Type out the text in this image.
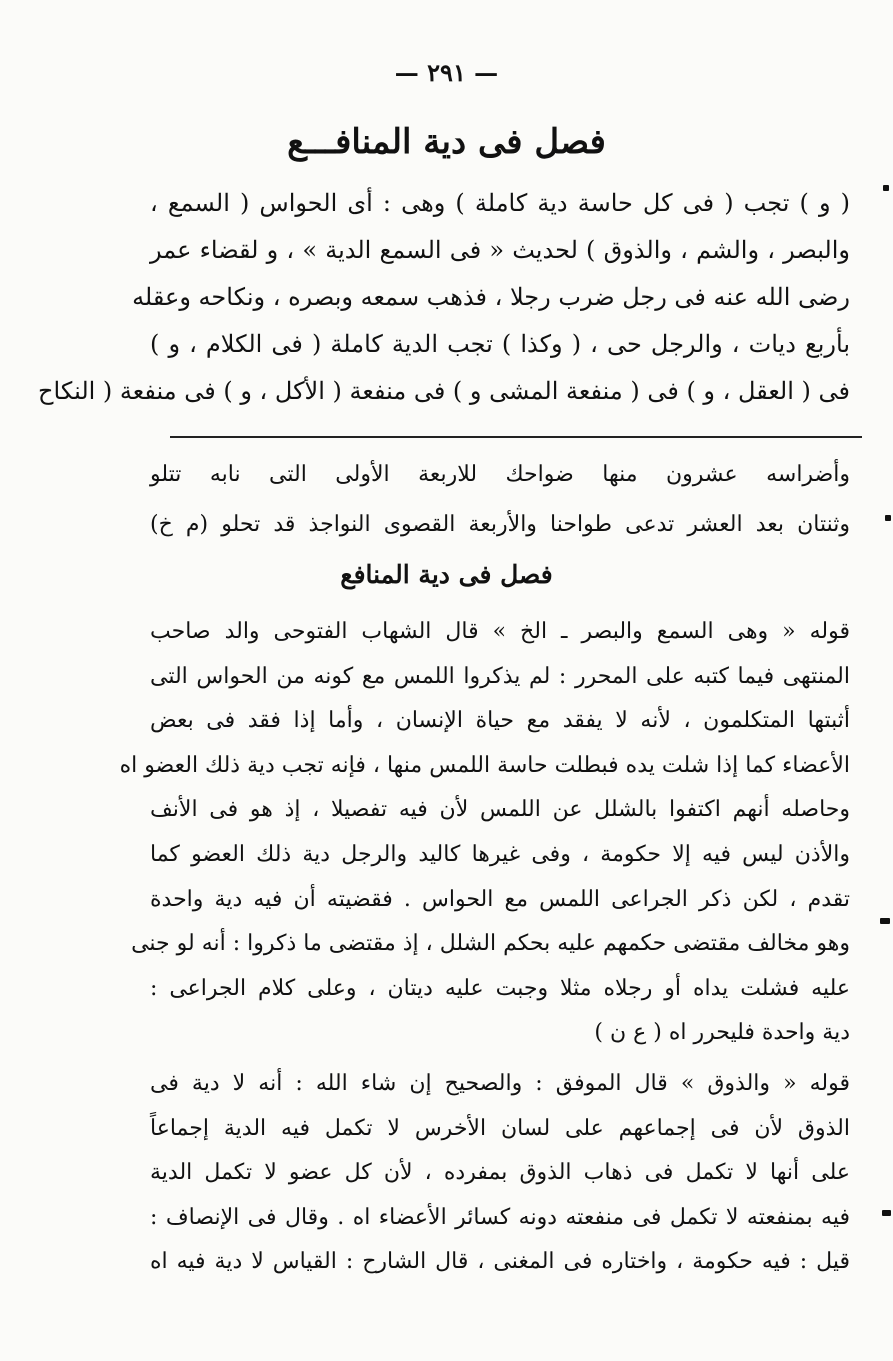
— ٢٩١ —
فصل فى دية المنافـــع
( و ) تجب ( فى كل حاسة دية كاملة ) وهى : أى الحواس ( السمع ،
والبصر ، والشم ، والذوق ) لحديث « فى السمع الدية » ، و لقضاء عمر
رضى الله عنه فى رجل ضرب رجلا ، فذهب سمعه وبصره ، ونكاحه وعقله
بأربع ديات ، والرجل حى ، ( وكذا ) تجب الدية كاملة ( فى الكلام ، و )
فى ( العقل ، و ) فى ( منفعة المشى و ) فى منفعة ( الأكل ، و ) فى منفعة ( النكاح
وأضراسه عشرون منها ضواحك للاربعة الأولى التى نابه تتلو
وثنتان بعد العشر تدعى طواحنا والأربعة القصوى النواجذ قد تحلو (م خ)
فصل فى دية المنافع
قوله « وهى السمع والبصر ـ الخ » قال الشهاب الفتوحى والد صاحب
المنتهى فيما كتبه على المحرر : لم يذكروا اللمس مع كونه من الحواس التى
أثبتها المتكلمون ، لأنه لا يفقد مع حياة الإنسان ، وأما إذا فقد فى بعض
الأعضاء كما إذا شلت يده فبطلت حاسة اللمس منها ، فإنه تجب دية ذلك العضو اه
وحاصله أنهم اكتفوا بالشلل عن اللمس لأن فيه تفصيلا ، إذ هو فى الأنف
والأذن ليس فيه إلا حكومة ، وفى غيرها كاليد والرجل دية ذلك العضو كما
تقدم ، لكن ذكر الجراعى اللمس مع الحواس . فقضيته أن فيه دية واحدة
وهو مخالف مقتضى حكمهم عليه بحكم الشلل ، إذ مقتضى ما ذكروا : أنه لو جنى
عليه فشلت يداه أو رجلاه مثلا وجبت عليه ديتان ، وعلى كلام الجراعى :
دية واحدة فليحرر اه ( ع ن )
قوله « والذوق » قال الموفق : والصحيح إن شاء الله : أنه لا دية فى
الذوق لأن فى إجماعهم على لسان الأخرس لا تكمل فيه الدية إجماعاً
على أنها لا تكمل فى ذهاب الذوق بمفرده ، لأن كل عضو لا تكمل الدية
فيه بمنفعته لا تكمل فى منفعته دونه كسائر الأعضاء اه . وقال فى الإنصاف :
قيل : فيه حكومة ، واختاره فى المغنى ، قال الشارح : القياس لا دية فيه اه
